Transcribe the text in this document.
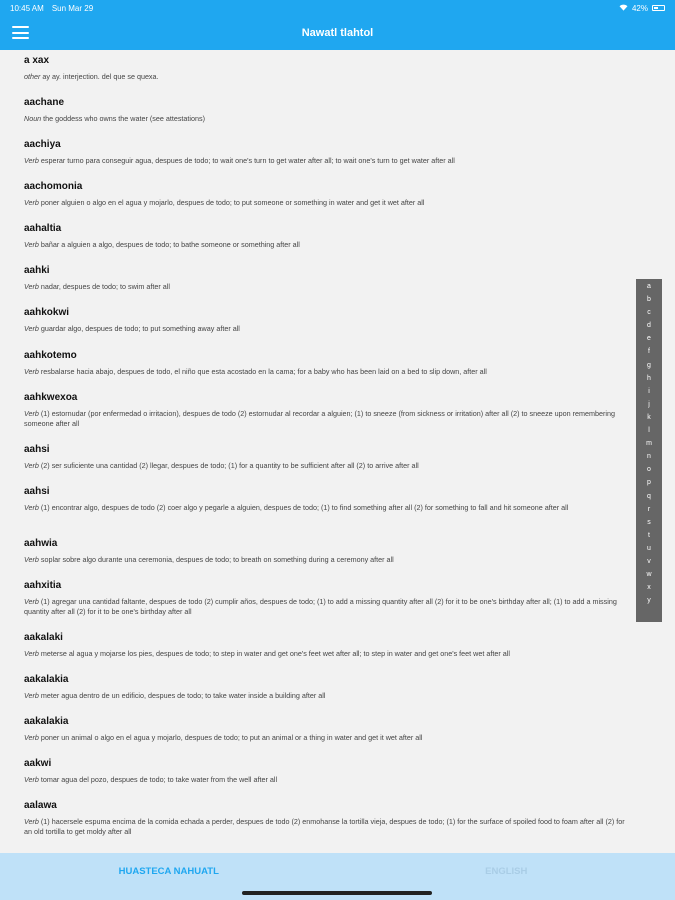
10:45 AM Sun Mar 29	42%
Nawatl tlahtol
a xax
other ay ay. interjection. del que se quexa.
aachane
Noun the goddess who owns the water (see attestations)
aachiya
Verb esperar turno para conseguir agua, despues de todo; to wait one's turn to get water after all; to wait one's turn to get water after all
aachomonia
Verb poner alguien o algo en el agua y mojarlo, despues de todo; to put someone or something in water and get it wet after all
aahaltia
Verb bañar a alguien a algo, despues de todo; to bathe someone or something after all
aahki
Verb nadar, despues de todo; to swim after all
aahkokwi
Verb guardar algo, despues de todo; to put something away after all
aahkotemo
Verb resbalarse hacia abajo, despues de todo, el niño que esta acostado en la cama; for a baby who has been laid on a bed to slip down, after all
aahkwexoa
Verb (1) estornudar (por enfermedad o irritacion), despues de todo (2) estornudar al recordar a alguien; (1) to sneeze (from sickness or irritation) after all (2) to sneeze upon remembering someone after all
aahsi
Verb (2) ser suficiente una cantidad (2) llegar, despues de todo; (1) for a quantity to be sufficient after all (2) to arrive after all
aahsi
Verb (1) encontrar algo, despues de todo (2) coer algo y pegarle a alguien, despues de todo; (1) to find something after all (2) for something to fall and hit someone after all
aahwia
Verb soplar sobre algo durante una ceremonia, despues de todo; to breath on something during a ceremony after all
aahxitia
Verb (1) agregar una cantidad faltante, despues de todo (2) cumplir años, despues de todo; (1) to add a missing quantity after all (2) for it to be one's birthday after all; (1) to add a missing quantity after all (2) for it to be one's birthday after all
aakalaki
Verb meterse al agua y mojarse los pies, despues de todo; to step in water and get one's feet wet after all; to step in water and get one's feet wet after all
aakalakia
Verb meter agua dentro de un edificio, despues de todo; to take water inside a building after all
aakalakia
Verb poner un animal o algo en el agua y mojarlo, despues de todo; to put an animal or a thing in water and get it wet after all
aakwi
Verb tomar agua del pozo, despues de todo; to take water from the well after all
aalawa
Verb (1) hacersele espuma encima de la comida echada a perder, despues de todo (2) enmohanse la tortilla vieja, despues de todo; (1) for the surface of spoiled food to foam after all (2) for an old tortilla to get moldy after all
a
b
c
d
e
f
g
h
i
j
k
l
m
n
o
p
q
r
s
t
u
v
w
x
y
HUASTECA NAHUATL	ENGLISH
